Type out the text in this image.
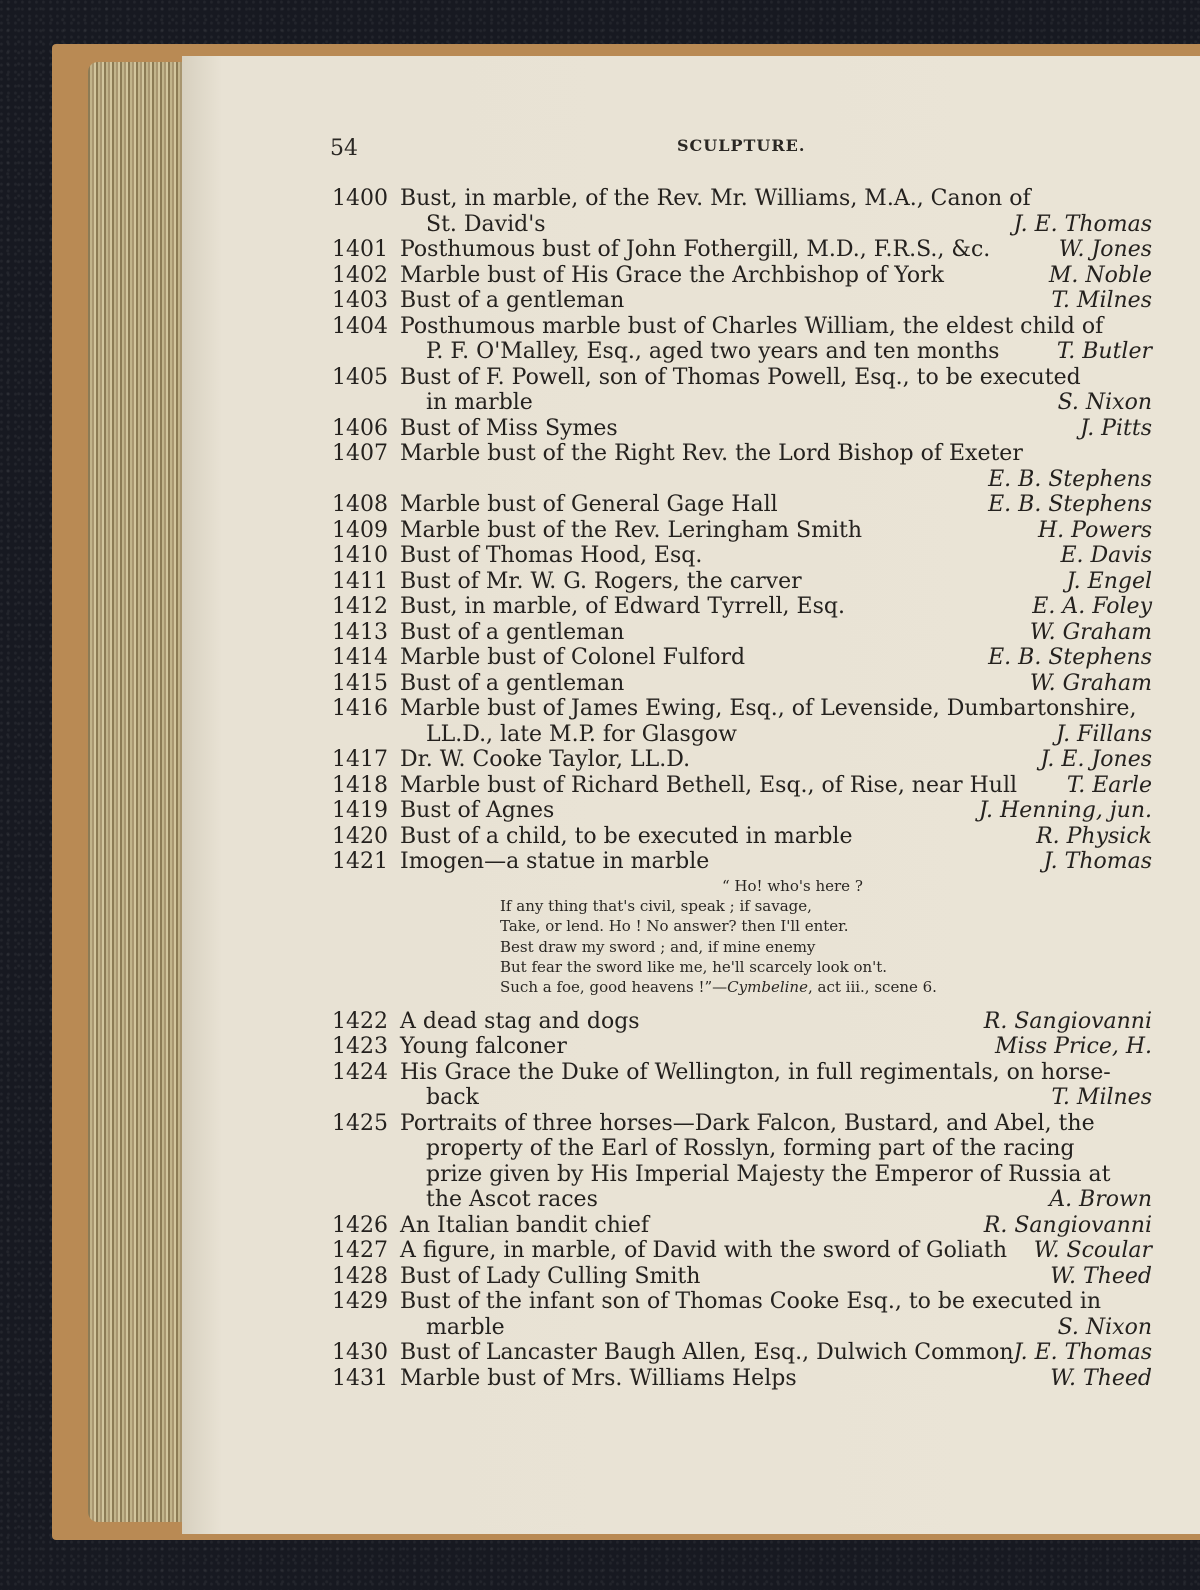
54	SCULPTURE.
1400 Bust, in marble, of the Rev. Mr. Williams, M.A., Canon of
St. David's	J. E. Thomas
1401 Posthumous bust of John Fothergill, M.D., F.R.S., &c.	W. Jones
1402 Marble bust of His Grace the Archbishop of York	M. Noble
1403 Bust of a gentleman	T. Milnes
1404 Posthumous marble bust of Charles William, the eldest child of
P. F. O'Malley, Esq., aged two years and ten months	T. Butler
1405 Bust of F. Powell, son of Thomas Powell, Esq., to be executed
in marble	S. Nixon
1406 Bust of Miss Symes	J. Pitts
1407 Marble bust of the Right Rev. the Lord Bishop of Exeter
E. B. Stephens
1408 Marble bust of General Gage Hall	E. B. Stephens
1409 Marble bust of the Rev. Leringham Smith	H. Powers
1410 Bust of Thomas Hood, Esq.	E. Davis
1411 Bust of Mr. W. G. Rogers, the carver	J. Engel
1412 Bust, in marble, of Edward Tyrrell, Esq.	E. A. Foley
1413 Bust of a gentleman	W. Graham
1414 Marble bust of Colonel Fulford	E. B. Stephens
1415 Bust of a gentleman	W. Graham
1416 Marble bust of James Ewing, Esq., of Levenside, Dumbartonshire,
LL.D., late M.P. for Glasgow	J. Fillans
1417 Dr. W. Cooke Taylor, LL.D.	J. E. Jones
1418 Marble bust of Richard Bethell, Esq., of Rise, near Hull T. Earle
1419 Bust of Agnes	J. Henning, jun.
1420 Bust of a child, to be executed in marble	R. Physick
1421 Imogen—a statue in marble	J. Thomas
1422 A dead stag and dogs	R. Sangiovanni
1423 Young falconer	Miss Price, H.
1424 His Grace the Duke of Wellington, in full regimentals, on horse-
back	T. Milnes
1425 Portraits of three horses—Dark Falcon, Bustard, and Abel, the
property of the Earl of Rosslyn, forming part of the racing
prize given by His Imperial Majesty the Emperor of Russia at
the Ascot races	A. Brown
1426 An Italian bandit chief	R. Sangiovanni
1427 A figure, in marble, of David with the sword of Goliath W. Scoular
1428 Bust of Lady Culling Smith	W. Theed
1429 Bust of the infant son of Thomas Cooke Esq., to be executed in
marble	S. Nixon
1430 Bust of Lancaster Baugh Allen, Esq., Dulwich Common J. E. Thomas
1431 Marble bust of Mrs. Williams Helps	W. Theed
“ Ho! who's here ?
If any thing that's civil, speak ; if savage,
Take, or lend. Ho ! No answer? then I'll enter.
Best draw my sword ; and, if mine enemy
But fear the sword like me, he'll scarcely look on't.
Such a foe, good heavens !”—Cymbeline, act iii., scene 6.
